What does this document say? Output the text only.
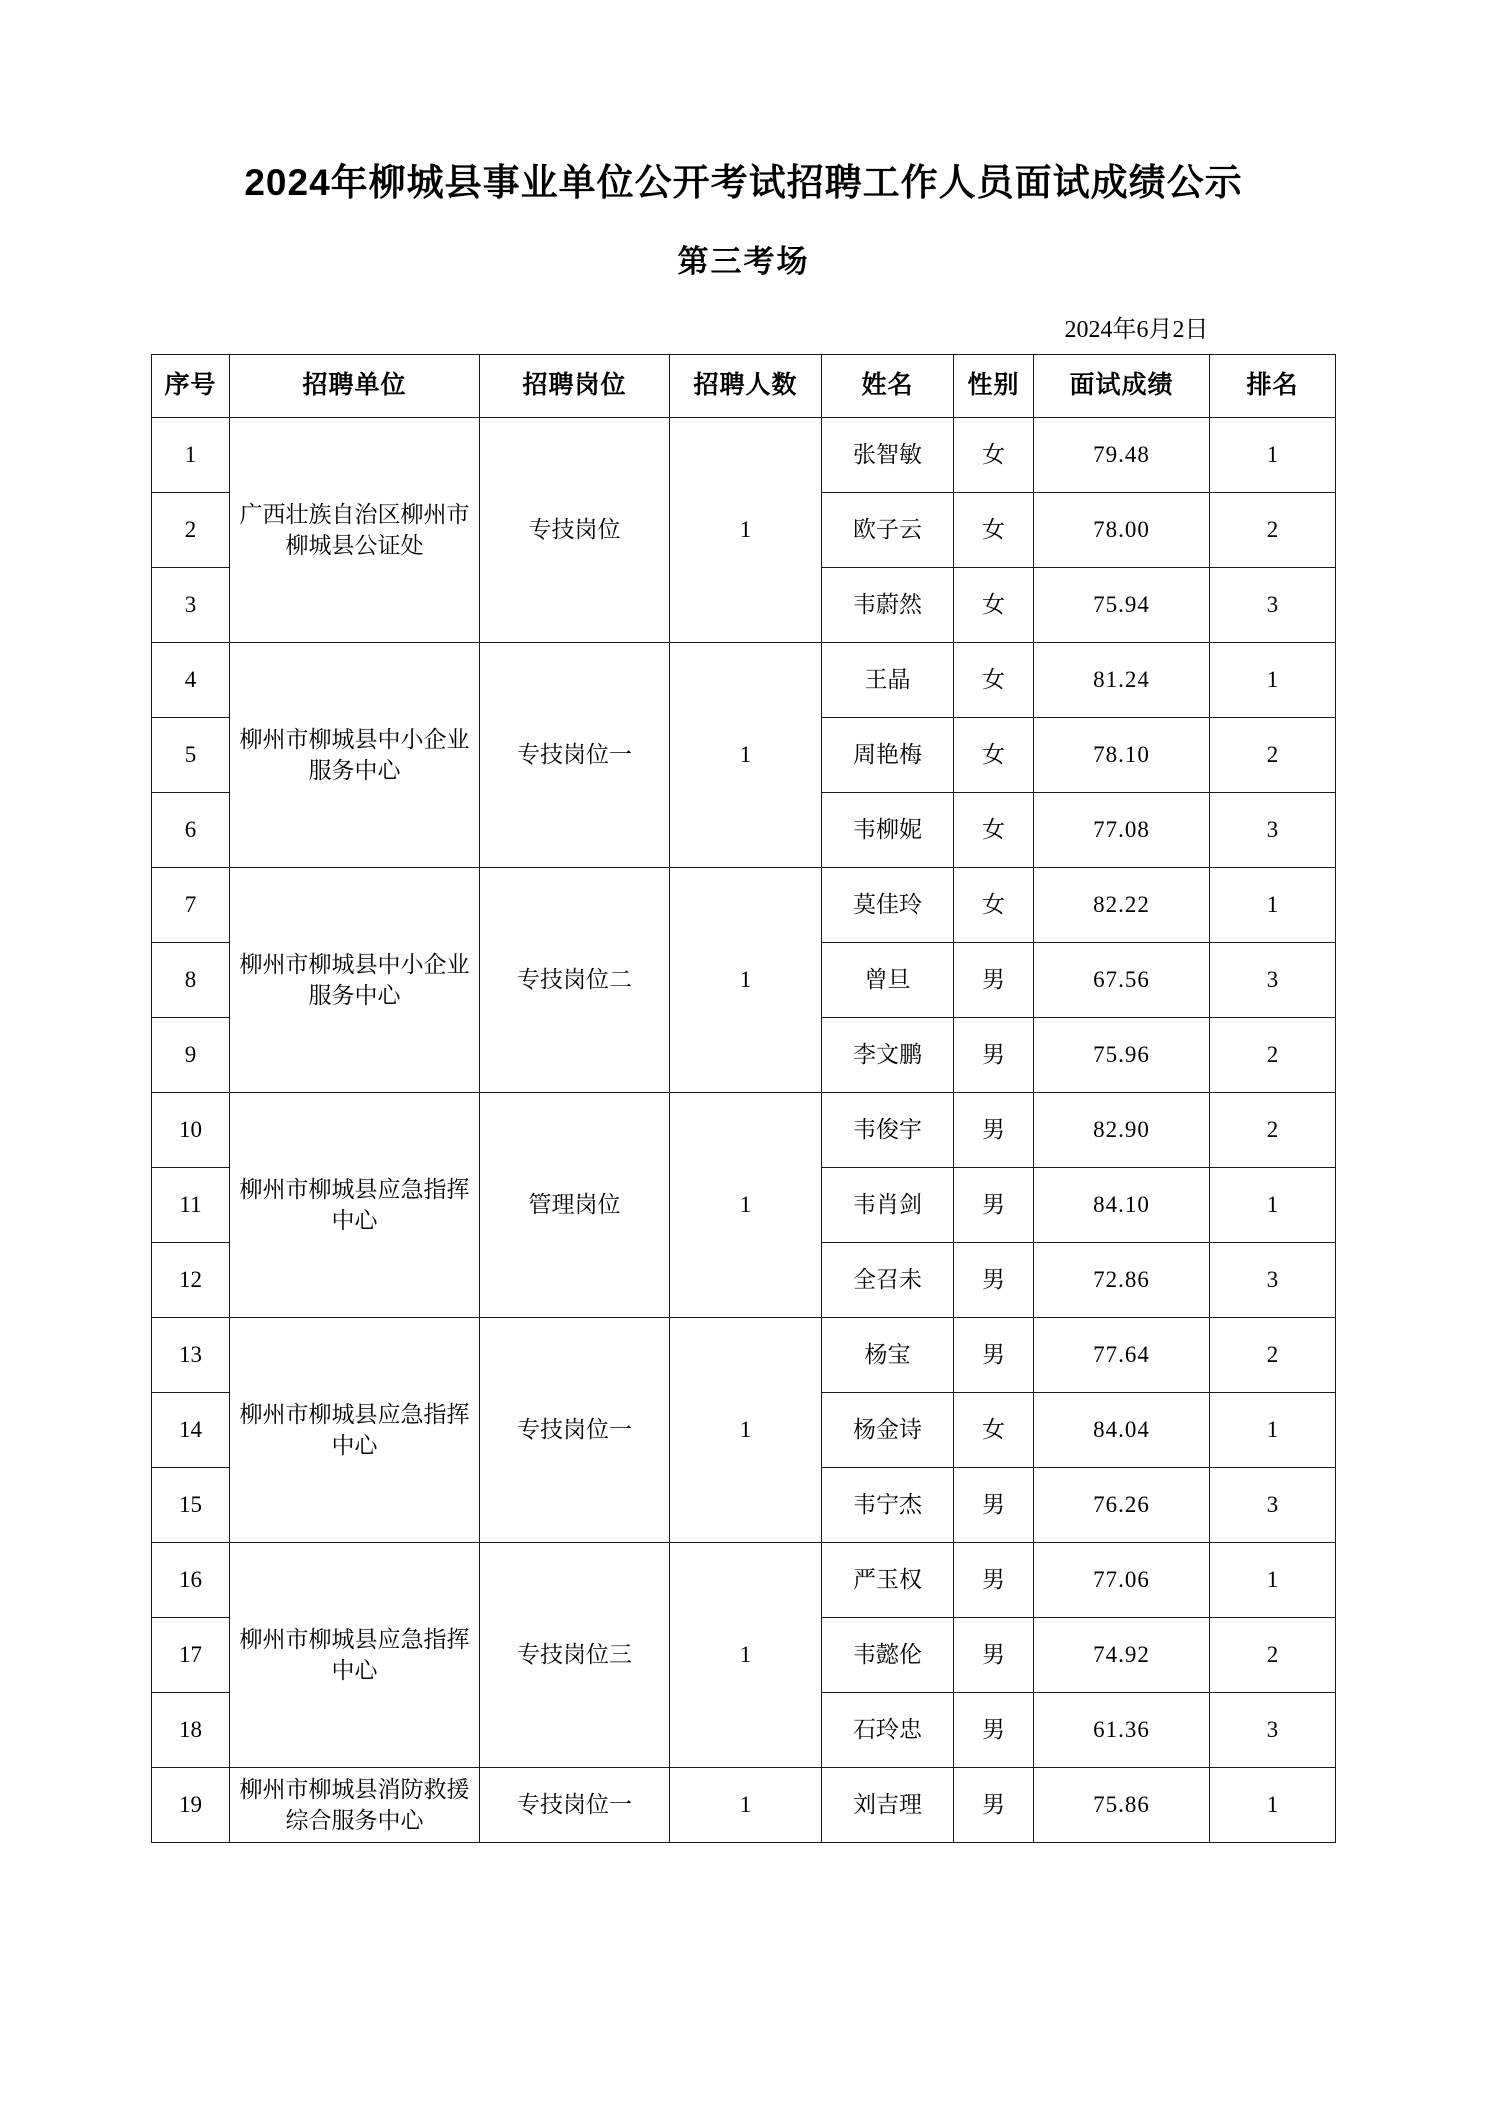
2024年柳城县事业单位公开考试招聘工作人员面试成绩公示
第三考场
2024年6月2日
序号	招聘单位	招聘岗位	招聘人数	姓名	性别	面试成绩	排名
1	广西壮族自治区柳州市柳城县公证处	专技岗位	1	张智敏	女	79.48	1
2				欧子云	女	78.00	2
3				韦蔚然	女	75.94	3
4	柳州市柳城县中小企业服务中心	专技岗位一	1	王晶	女	81.24	1
5				周艳梅	女	78.10	2
6				韦柳妮	女	77.08	3
7	柳州市柳城县中小企业服务中心	专技岗位二	1	莫佳玲	女	82.22	1
8				曾旦	男	67.56	3
9				李文鹏	男	75.96	2
10	柳州市柳城县应急指挥中心	管理岗位	1	韦俊宇	男	82.90	2
11				韦肖剑	男	84.10	1
12				全召未	男	72.86	3
13	柳州市柳城县应急指挥中心	专技岗位一	1	杨宝	男	77.64	2
14				杨金诗	女	84.04	1
15				韦宁杰	男	76.26	3
16	柳州市柳城县应急指挥中心	专技岗位三	1	严玉权	男	77.06	1
17				韦懿伦	男	74.92	2
18				石玲忠	男	61.36	3
19	柳州市柳城县消防救援综合服务中心	专技岗位一	1	刘吉理	男	75.86	1
